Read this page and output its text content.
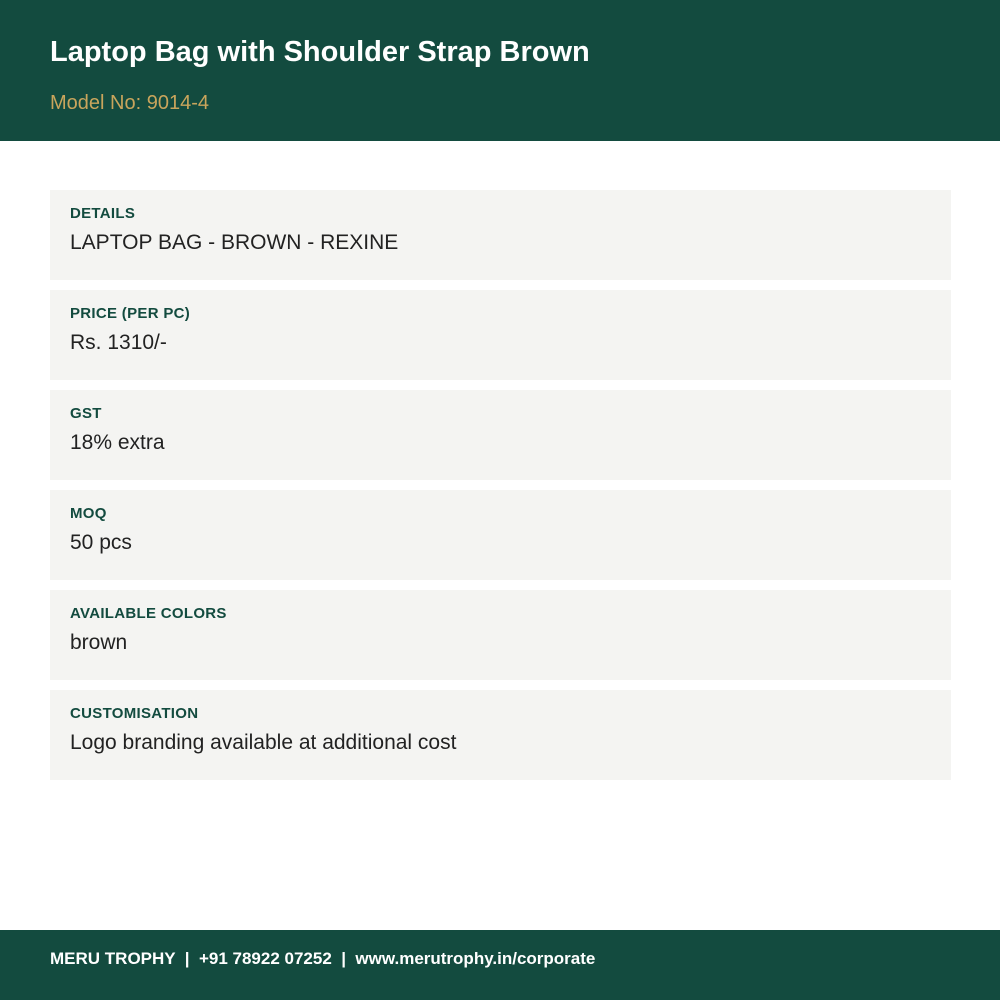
Laptop Bag with Shoulder Strap Brown
Model No: 9014-4
DETAILS
LAPTOP BAG - BROWN - REXINE
PRICE (PER PC)
Rs. 1310/-
GST
18% extra
MOQ
50 pcs
AVAILABLE COLORS
brown
CUSTOMISATION
Logo branding available at additional cost
MERU TROPHY  |  +91 78922 07252  |  www.merutrophy.in/corporate
